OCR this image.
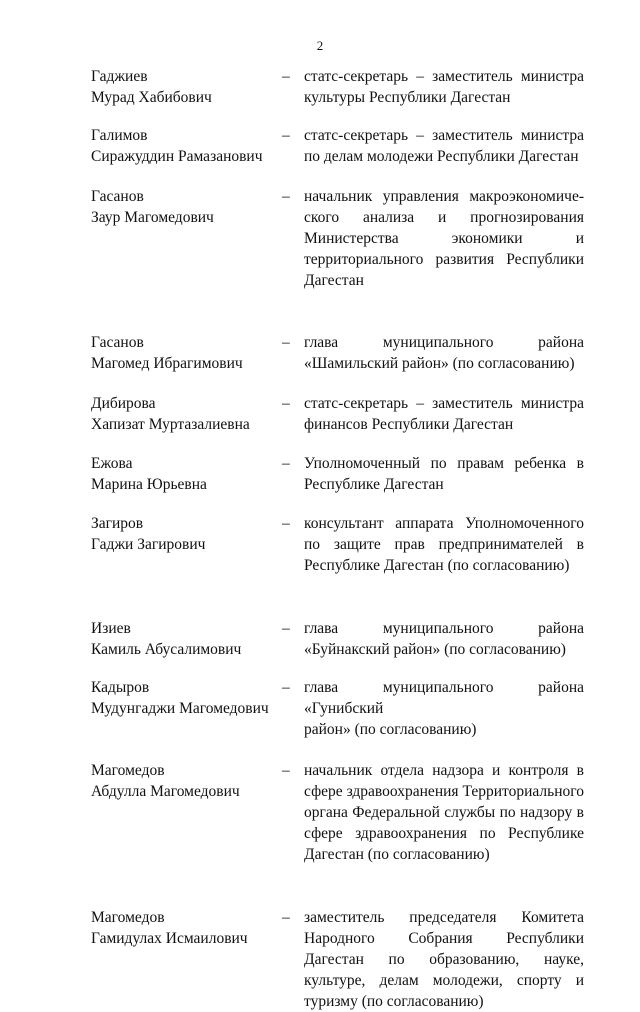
2
Гаджиев
Мурад Хабибович
– статс-секретарь – заместитель министра
культуры Республики Дагестан
Галимов
Сиражуддин Рамазанович
– статс-секретарь – заместитель министра
по делам молодежи Республики Дагестан
Гасанов
Заур Магомедович
– начальник управления макроэкономиче-
ского анализа и прогнозирования
Министерства экономики и
территориального развития Республики
Дагестан
Гасанов
Магомед Ибрагимович
– глава муниципального района
«Шамильский район» (по согласованию)
Дибирова
Хапизат Муртазалиевна
– статс-секретарь – заместитель министра
финансов Республики Дагестан
Ежова
Марина Юрьевна
– Уполномоченный по правам ребенка в
Республике Дагестан
Загиров
Гаджи Загирович
– консультант аппарата Уполномоченного
по защите прав предпринимателей в
Республике Дагестан (по согласованию)
Изиев
Камиль Абусалимович
– глава муниципального района
«Буйнакский район» (по согласованию)
Кадыров
Мудунгаджи Магомедович
– глава муниципального района «Гунибский
район» (по согласованию)
Магомедов
Абдулла Магомедович
– начальник отдела надзора и контроля в
сфере здравоохранения Территориального
органа Федеральной службы по надзору в
сфере здравоохранения по Республике
Дагестан (по согласованию)
Магомедов
Гамидулах Исмаилович
– заместитель председателя Комитета
Народного Собрания Республики
Дагестан по образованию, науке,
культуре, делам молодежи, спорту и
туризму (по согласованию)
